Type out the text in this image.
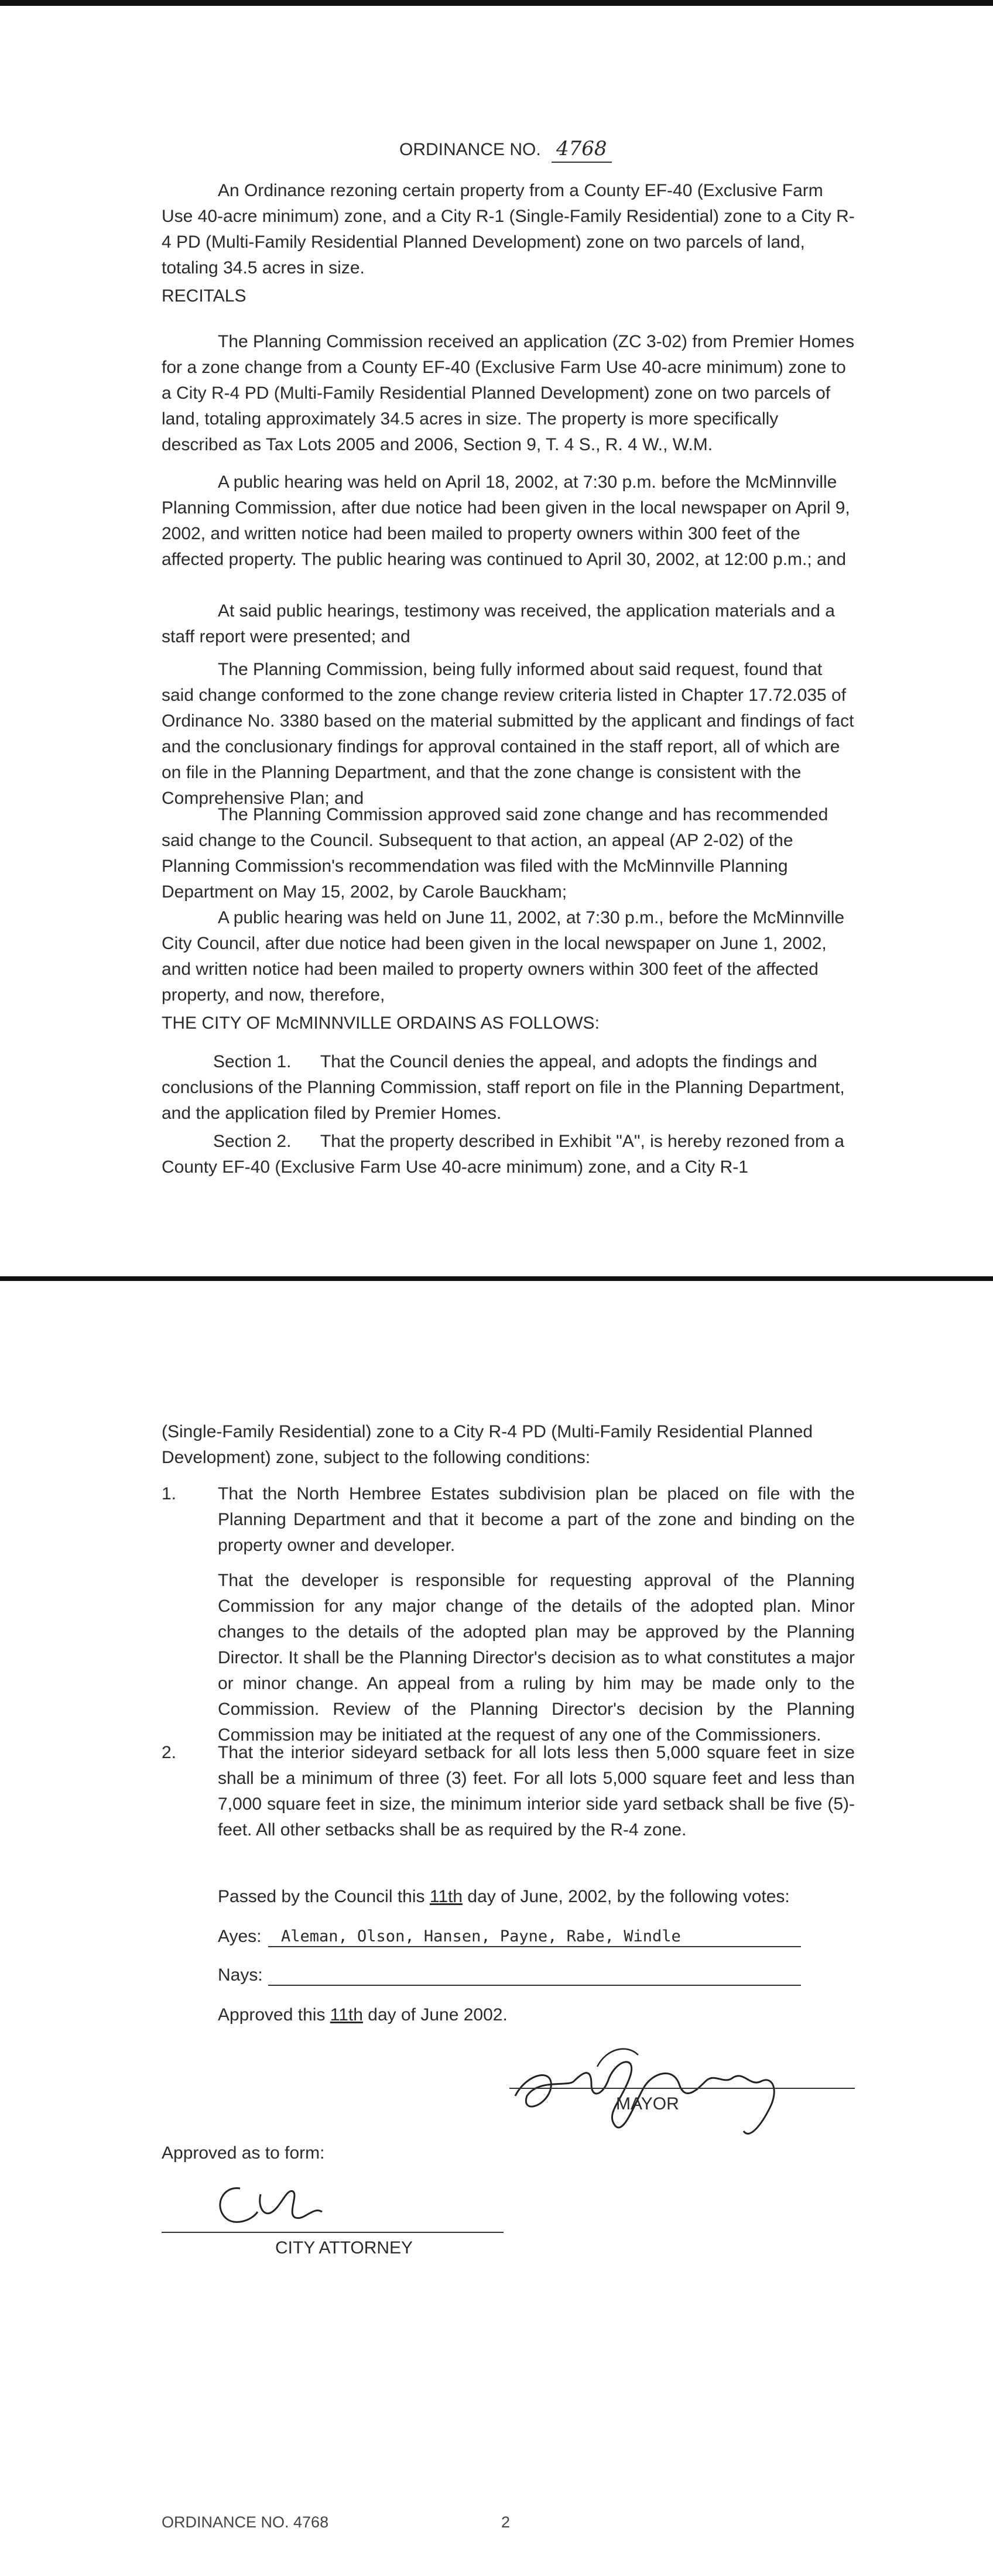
ORDINANCE NO. 4768
An Ordinance rezoning certain property from a County EF-40 (Exclusive Farm Use 40-acre minimum) zone, and a City R-1 (Single-Family Residential) zone to a City R-4 PD (Multi-Family Residential Planned Development) zone on two parcels of land, totaling 34.5 acres in size.
RECITALS
The Planning Commission received an application (ZC 3-02) from Premier Homes for a zone change from a County EF-40 (Exclusive Farm Use 40-acre minimum) zone to a City R-4 PD (Multi-Family Residential Planned Development) zone on two parcels of land, totaling approximately 34.5 acres in size. The property is more specifically described as Tax Lots 2005 and 2006, Section 9, T. 4 S., R. 4 W., W.M.
A public hearing was held on April 18, 2002, at 7:30 p.m. before the McMinnville Planning Commission, after due notice had been given in the local newspaper on April 9, 2002, and written notice had been mailed to property owners within 300 feet of the affected property. The public hearing was continued to April 30, 2002, at 12:00 p.m.; and
At said public hearings, testimony was received, the application materials and a staff report were presented; and
The Planning Commission, being fully informed about said request, found that said change conformed to the zone change review criteria listed in Chapter 17.72.035 of Ordinance No. 3380 based on the material submitted by the applicant and findings of fact and the conclusionary findings for approval contained in the staff report, all of which are on file in the Planning Department, and that the zone change is consistent with the Comprehensive Plan; and
The Planning Commission approved said zone change and has recommended said change to the Council. Subsequent to that action, an appeal (AP 2-02) of the Planning Commission's recommendation was filed with the McMinnville Planning Department on May 15, 2002, by Carole Bauckham;
A public hearing was held on June 11, 2002, at 7:30 p.m., before the McMinnville City Council, after due notice had been given in the local newspaper on June 1, 2002, and written notice had been mailed to property owners within 300 feet of the affected property, and now, therefore,
THE CITY OF McMINNVILLE ORDAINS AS FOLLOWS:
Section 1.      That the Council denies the appeal, and adopts the findings and conclusions of the Planning Commission, staff report on file in the Planning Department, and the application filed by Premier Homes.
Section 2.      That the property described in Exhibit "A", is hereby rezoned from a County EF-40 (Exclusive Farm Use 40-acre minimum) zone, and a City R-1
(Single-Family Residential) zone to a City R-4 PD (Multi-Family Residential Planned Development) zone, subject to the following conditions:
1. That the North Hembree Estates subdivision plan be placed on file with the Planning Department and that it become a part of the zone and binding on the property owner and developer.
That the developer is responsible for requesting approval of the Planning Commission for any major change of the details of the adopted plan. Minor changes to the details of the adopted plan may be approved by the Planning Director. It shall be the Planning Director's decision as to what constitutes a major or minor change. An appeal from a ruling by him may be made only to the Commission. Review of the Planning Director's decision by the Planning Commission may be initiated at the request of any one of the Commissioners.
2. That the interior sideyard setback for all lots less then 5,000 square feet in size shall be a minimum of three (3) feet. For all lots 5,000 square feet and less than 7,000 square feet in size, the minimum interior side yard setback shall be five (5)-feet. All other setbacks shall be as required by the R-4 zone.
Passed by the Council this 11th day of June, 2002, by the following votes:
Ayes: Aleman, Olson, Hansen, Payne, Rabe, Windle
Nays:
Approved this 11th day of June 2002.
MAYOR
Approved as to form:
CITY ATTORNEY
ORDINANCE NO. 4768	2
